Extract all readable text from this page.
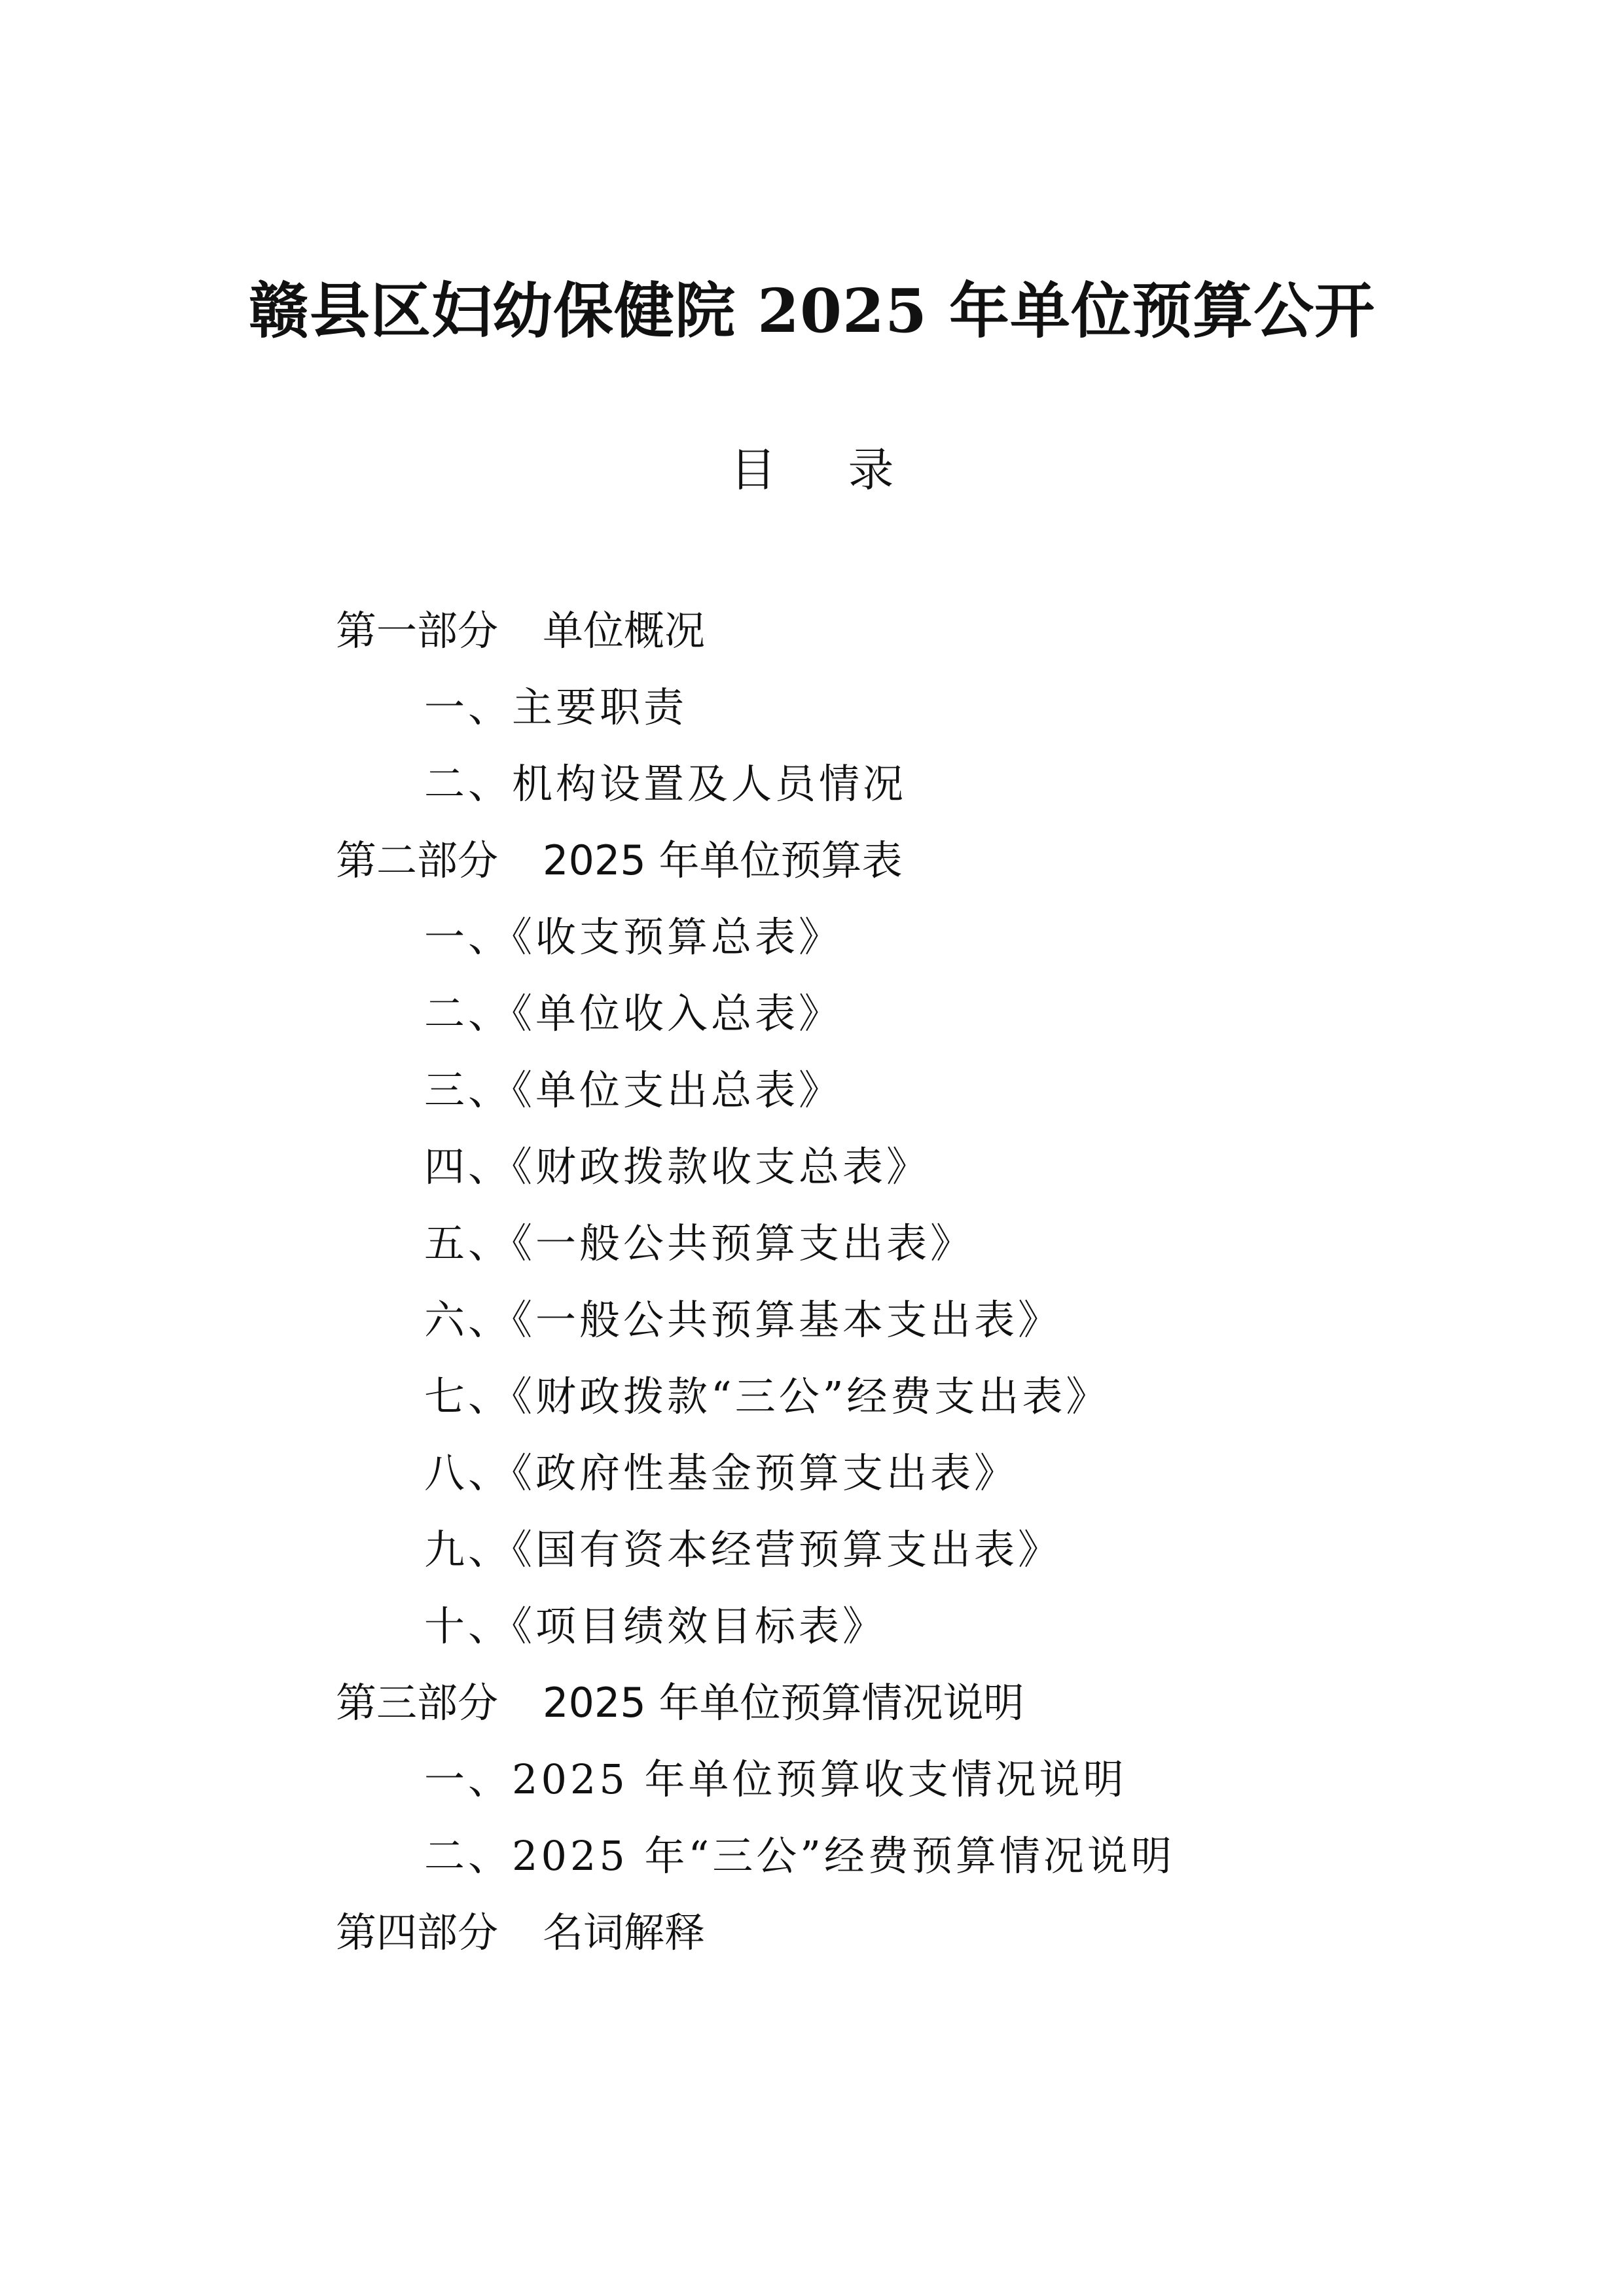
赣县区妇幼保健院 2025 年单位预算公开
目 录
第一部分 单位概况
一、主要职责
二、机构设置及人员情况
第二部分 2025 年单位预算表
一、《收支预算总表》
二、《单位收入总表》
三、《单位支出总表》
四、《财政拨款收支总表》
五、《一般公共预算支出表》
六、《一般公共预算基本支出表》
七、《财政拨款“三公”经费支出表》
八、《政府性基金预算支出表》
九、《国有资本经营预算支出表》
十、《项目绩效目标表》
第三部分 2025 年单位预算情况说明
一、2025 年单位预算收支情况说明
二、2025 年“三公”经费预算情况说明
第四部分 名词解释
